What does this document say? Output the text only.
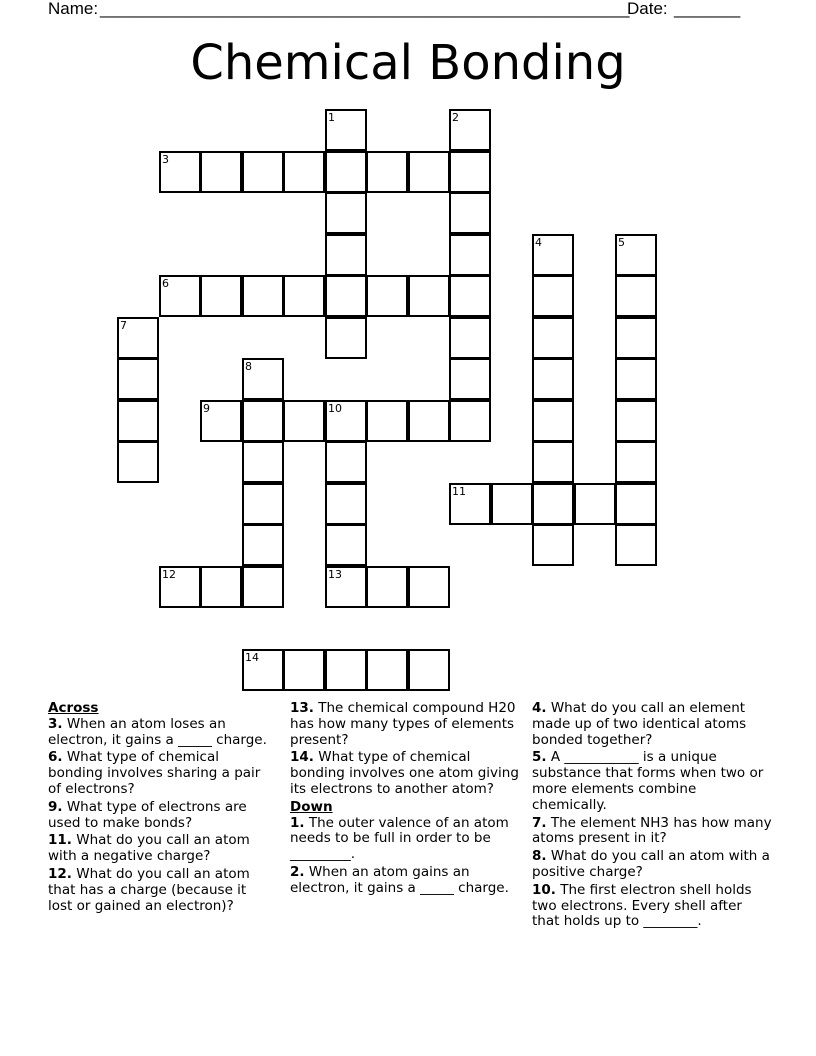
Name: ________________________________________________________
Date: _______
Chemical Bonding
1	2
3
4	5
6
7
8
9	10
13
11
12
14
Across
3. When an atom loses an electron, it gains a _____ charge.
6. What type of chemical bonding involves sharing a pair of electrons?
9. What type of electrons are used to make bonds?
11. What do you call an atom with a negative charge?
12. What do you call an atom that has a charge (because it lost or gained an electron)?
13. The chemical compound H20 has how many types of elements present?
14. What type of chemical bonding involves one atom giving its electrons to another atom?
Down
1. The outer valence of an atom needs to be full in order to be _________.
2. When an atom gains an electron, it gains a _____ charge.
4. What do you call an element made up of two identical atoms bonded together?
5. A ___________ is a unique substance that forms when two or more elements combine chemically.
7. The element NH3 has how many atoms present in it?
8. What do you call an atom with a positive charge?
10. The first electron shell holds two electrons. Every shell after that holds up to ________.
